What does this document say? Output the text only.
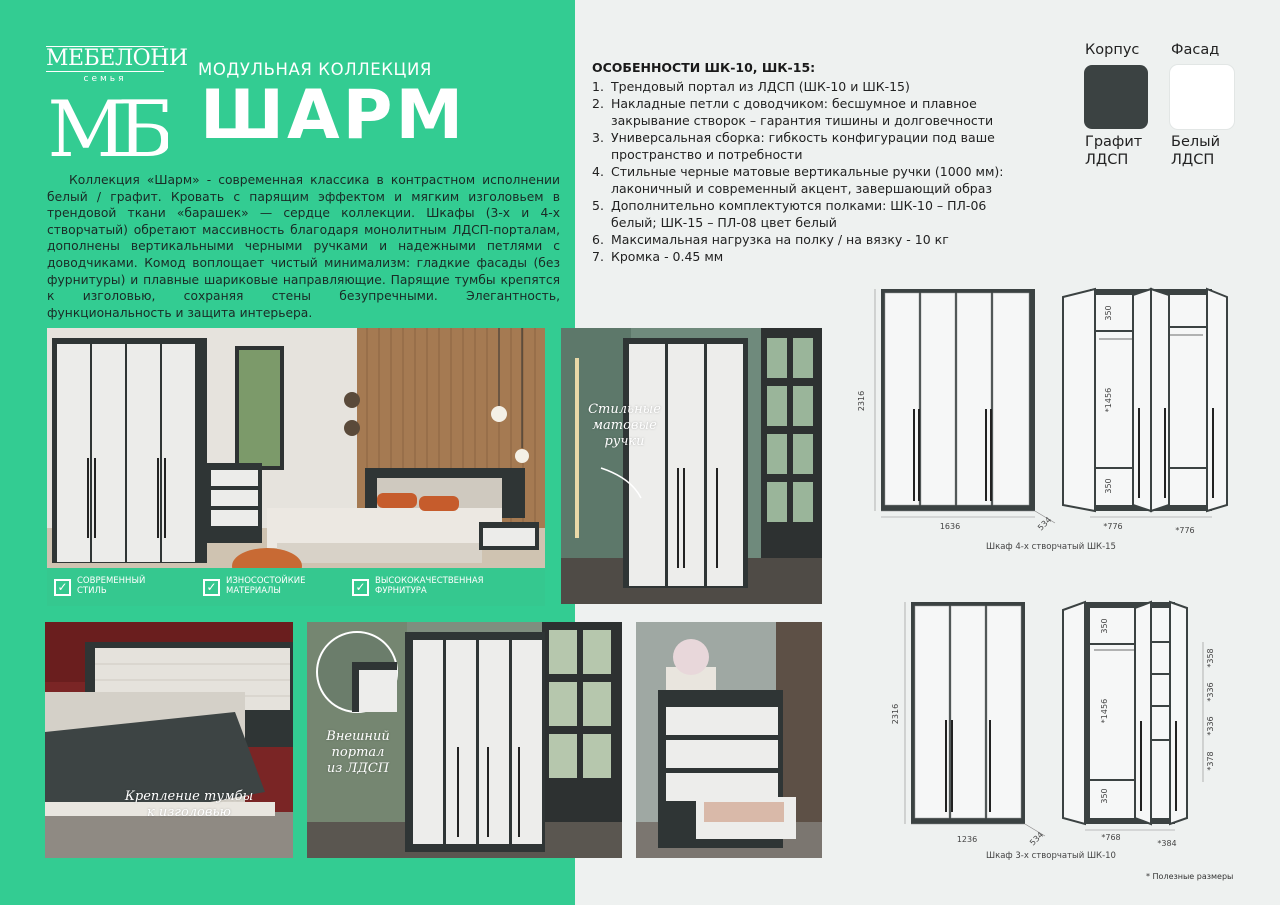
МЕБЕЛОНИ
семья
МБ
МОДУЛЬНАЯ КОЛЛЕКЦИЯ
ШАРМ

Коллекция «Шарм» - современная классика в контрастном исполнении белый / графит. Кровать с парящим эффектом и мягким изголовьем в трендовой ткани «барашек» — сердце коллекции. Шкафы (3-х и 4-х створчатый) обретают массивность благодаря монолитным ЛДСП-порталам, дополнены вертикальными черными ручками и надежными петлями с доводчиками. Комод воплощает чистый минимализм: гладкие фасады (без фурнитуры) и плавные шариковые направляющие. Парящие тумбы крепятся к изголовью, сохраняя стены безупречными. Элегантность, функциональность и защита интерьера.

✓	СОВРЕМЕННЫЙ
СТИЛЬ	✓	ИЗНОСОСТОЙКИЕ
МАТЕРИАЛЫ	✓	ВЫСОКОКАЧЕСТВЕННАЯ
ФУРНИТУРА
Стильные
матовые
ручки
Крепление тумбы
к изголовью
Внешний
портал
из ЛДСП
ОСОБЕННОСТИ ШК-10, ШК-15:
1. Трендовый портал из ЛДСП (ШК-10 и ШК-15)
2. Накладные петли с доводчиком: бесшумное и плавное закрывание створок – гарантия тишины и долговечности
3. Универсальная сборка: гибкость конфигурации под ваше пространство и потребности
4. Стильные черные матовые вертикальные ручки (1000 мм): лаконичный и современный акцент, завершающий образ
5. Дополнительно комплектуются полками: ШК-10 – ПЛ-06 белый; ШК-15 – ПЛ-08 цвет белый
6. Максимальная нагрузка на полку / на вязку - 10 кг
7. Кромка - 0.45 мм
Корпус Фасад
Графит
ЛДСП
Белый
ЛДСП
2316
1636	534
350
*1456
350
*776	*776
Шкаф 4-х створчатый ШК-15
2316
1236	534
350
*1456
350
*358
*336
*336
*378
*768
*384
Шкаф 3-х створчатый ШК-10
* Полезные размеры
